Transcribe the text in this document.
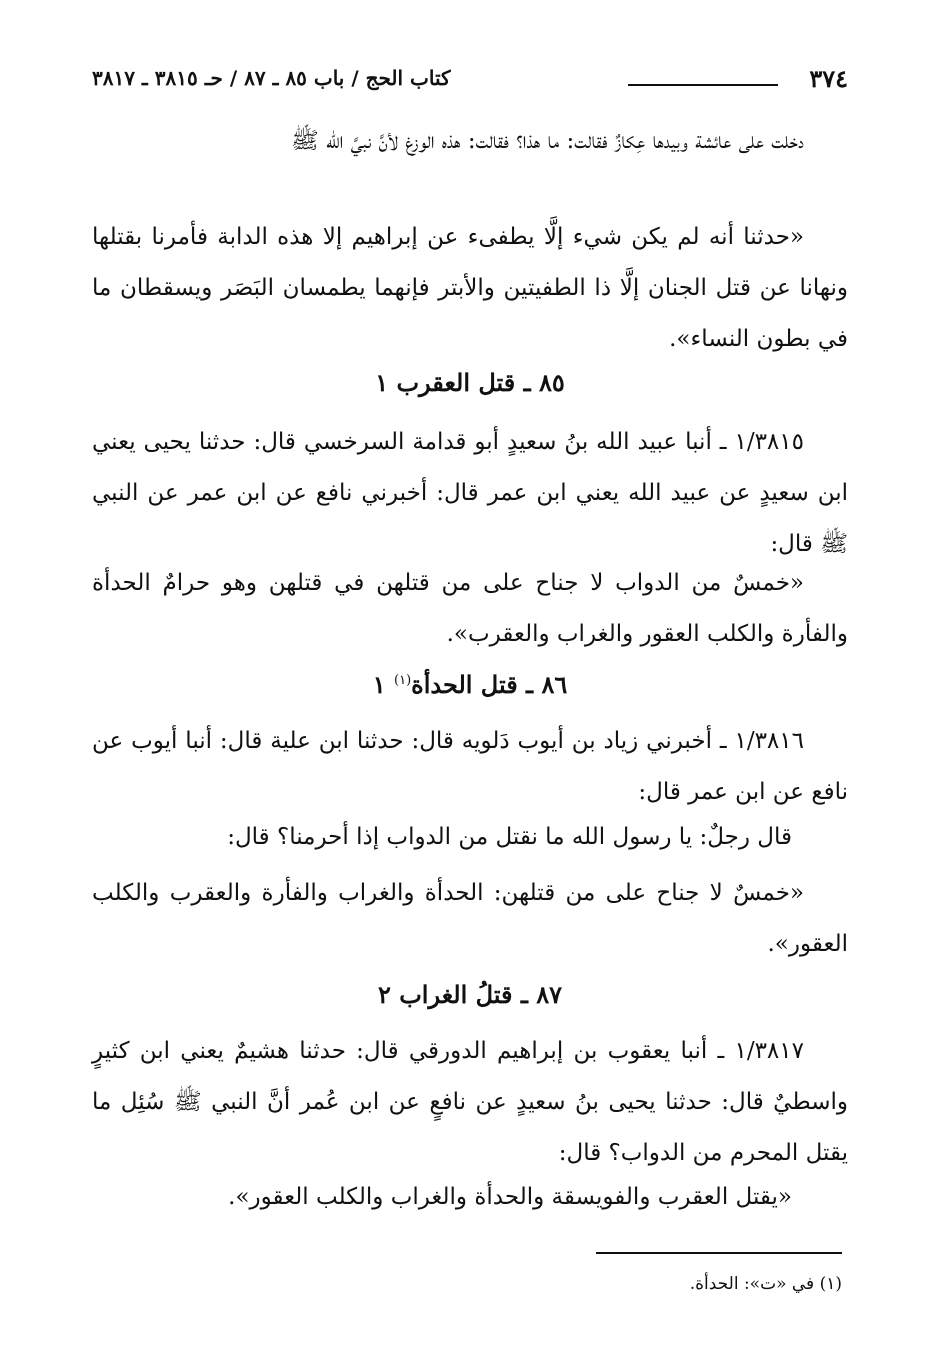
٣٧٤
كتاب الحج / باب ٨٥ ـ ٨٧ / حـ ٣٨١٥ ـ ٣٨١٧

دخلت على عائشة وبيدها عِكازٌ فقالت: ما هذا؟ فقالت: هذه الوزغ لأنَّ نبيَّ الله ﷺ

«حدثنا أنه لم يكن شيء إلَّا يطفىء عن إبراهيم إلا هذه الدابة فأمرنا بقتلها ونهانا عن قتل الجنان إلَّا ذا الطفيتين والأبتر فإنهما يطمسان البَصَر ويسقطان ما في بطون النساء».

٨٥ ـ قتل العقرب ١

١/٣٨١٥ ـ أنبا عبيد الله بنُ سعيدٍ أبو قدامة السرخسي قال: حدثنا يحيى يعني ابن سعيدٍ عن عبيد الله يعني ابن عمر قال: أخبرني نافع عن ابن عمر عن النبي ﷺ قال:

«خمسٌ من الدواب لا جناح على من قتلهن في قتلهن وهو حرامٌ الحدأة والفأرة والكلب العقور والغراب والعقرب».

٨٦ ـ قتل الحدأة$^{(١)}$ ١

١/٣٨١٦ ـ أخبرني زياد بن أيوب دَلويه قال: حدثنا ابن علية قال: أنبا أيوب عن نافع عن ابن عمر قال:

قال رجلٌ: يا رسول الله ما نقتل من الدواب إذا أحرمنا؟ قال:

«خمسٌ لا جناح على من قتلهن: الحدأة والغراب والفأرة والعقرب والكلب العقور».

٨٧ ـ قتلُ الغراب ٢

١/٣٨١٧ ـ أنبا يعقوب بن إبراهيم الدورقي قال: حدثنا هشيمٌ يعني ابن كثيرٍ واسطيٌ قال: حدثنا يحيى بنُ سعيدٍ عن نافعٍ عن ابن عُمر أنَّ النبي ﷺ سُئِل ما يقتل المحرم من الدواب؟ قال:

«يقتل العقرب والفويسقة والحدأة والغراب والكلب العقور».

(١) في «ت»: الحدأة.
